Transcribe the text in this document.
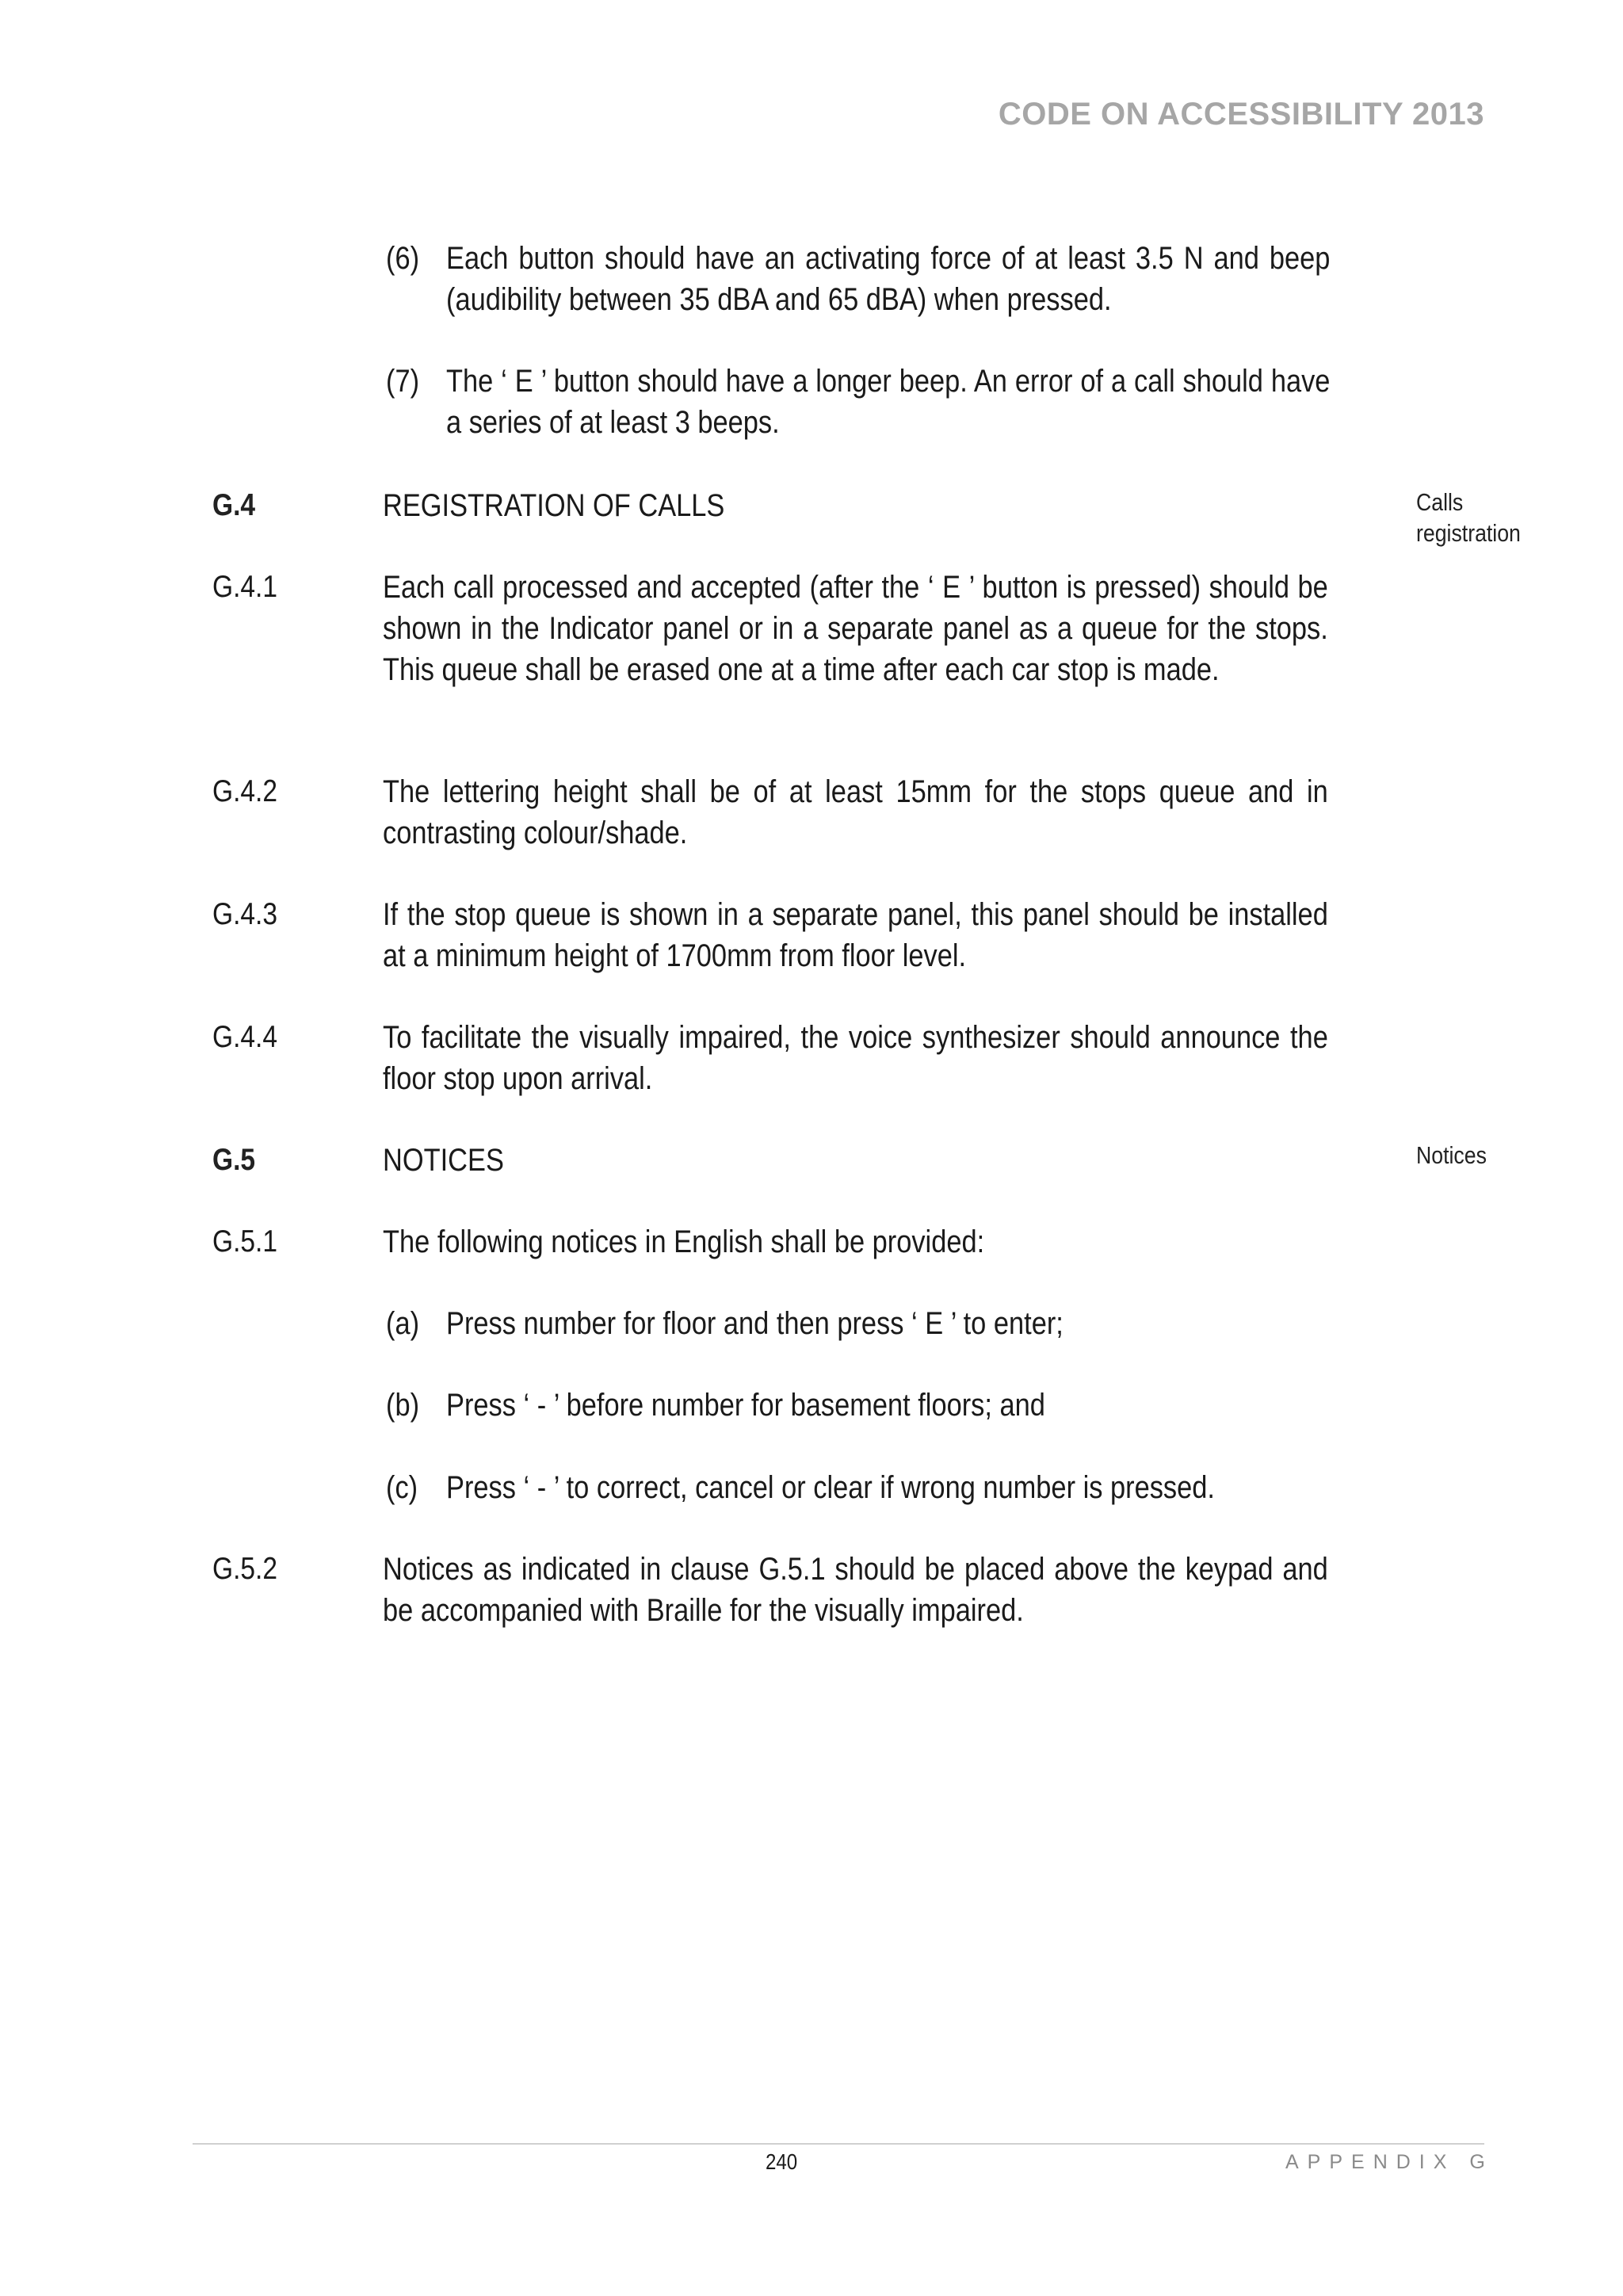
CODE ON ACCESSIBILITY 2013
(6) Each button should have an activating force of at least 3.5 N and beep (audibility between 35 dBA and 65 dBA) when pressed.
(7) The ‘ E ’ button should have a longer beep. An error of a call should have a series of at least 3 beeps.
G.4	REGISTRATION OF CALLS	Calls registration
G.4.1	Each call processed and accepted (after the ‘ E ’ button is pressed) should be shown in the Indicator panel or in a separate panel as a queue for the stops. This queue shall be erased one at a time after each car stop is made.
G.4.2	The lettering height shall be of at least 15mm for the stops queue and in contrasting colour/shade.
G.4.3	If the stop queue is shown in a separate panel, this panel should be installed at a minimum height of 1700mm from floor level.
G.4.4	To facilitate the visually impaired, the voice synthesizer should announce the floor stop upon arrival.
G.5	NOTICES	Notices
G.5.1	The following notices in English shall be provided:
(a) Press number for floor and then press ‘ E ’ to enter;
(b) Press ‘ - ’ before number for basement floors; and
(c) Press ‘ - ’ to correct, cancel or clear if wrong number is pressed.
G.5.2	Notices as indicated in clause G.5.1 should be placed above the keypad and be accompanied with Braille for the visually impaired.
240	APPENDIX G
